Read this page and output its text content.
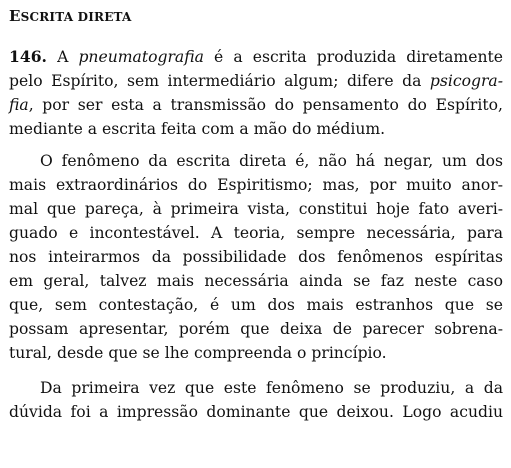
ESCRITA DIRETA
146. A pneumatografia é a escrita produzida diretamente
pelo Espírito, sem intermediário algum; difere da psicogra-
fia, por ser esta a transmissão do pensamento do Espírito,
mediante a escrita feita com a mão do médium.
O fenômeno da escrita direta é, não há negar, um dos
mais extraordinários do Espiritismo; mas, por muito anor-
mal que pareça, à primeira vista, constitui hoje fato averi-
guado e incontestável. A teoria, sempre necessária, para
nos inteirarmos da possibilidade dos fenômenos espíritas
em geral, talvez mais necessária ainda se faz neste caso
que, sem contestação, é um dos mais estranhos que se
possam apresentar, porém que deixa de parecer sobrena-
tural, desde que se lhe compreenda o princípio.
Da primeira vez que este fenômeno se produziu, a da
dúvida foi a impressão dominante que deixou. Logo acudiu
